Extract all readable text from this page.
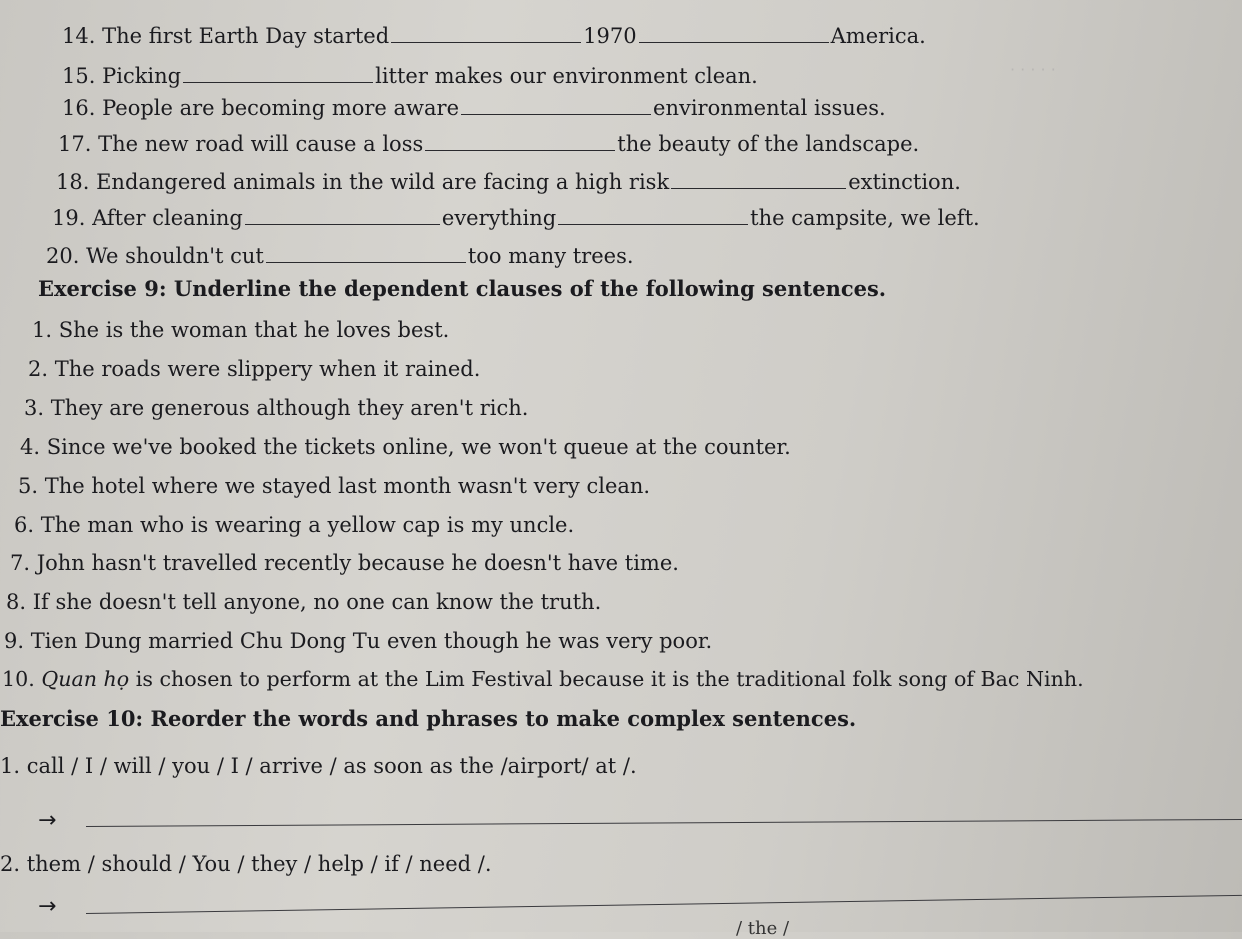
· · · · ·
14. The first Earth Day started	1970	America.
15. Picking	litter makes our environment clean.
16. People are becoming more aware	environmental issues.
17. The new road will cause a loss	the beauty of the landscape.
18. Endangered animals in the wild are facing a high risk	extinction.
19. After cleaning	everything	the campsite, we left.
20. We shouldn't cut	too many trees.
Exercise 9: Underline the dependent clauses of the following sentences.
1. She is the woman that he loves best.
2. The roads were slippery when it rained.
3. They are generous although they aren't rich.
4. Since we've booked the tickets online, we won't queue at the counter.
5. The hotel where we stayed last month wasn't very clean.
6. The man who is wearing a yellow cap is my uncle.
7. John hasn't travelled recently because he doesn't have time.
8. If she doesn't tell anyone, no one can know the truth.
9. Tien Dung married Chu Dong Tu even though he was very poor.
10. Quan họ is chosen to perform at the Lim Festival because it is the traditional folk song of Bac Ninh.
Exercise 10: Reorder the words and phrases to make complex sentences.
1. call / I / will / you / I / arrive / as soon as the /airport/ at /.
→
2. them / should / You / they / help / if / need /.
→
/ the /
